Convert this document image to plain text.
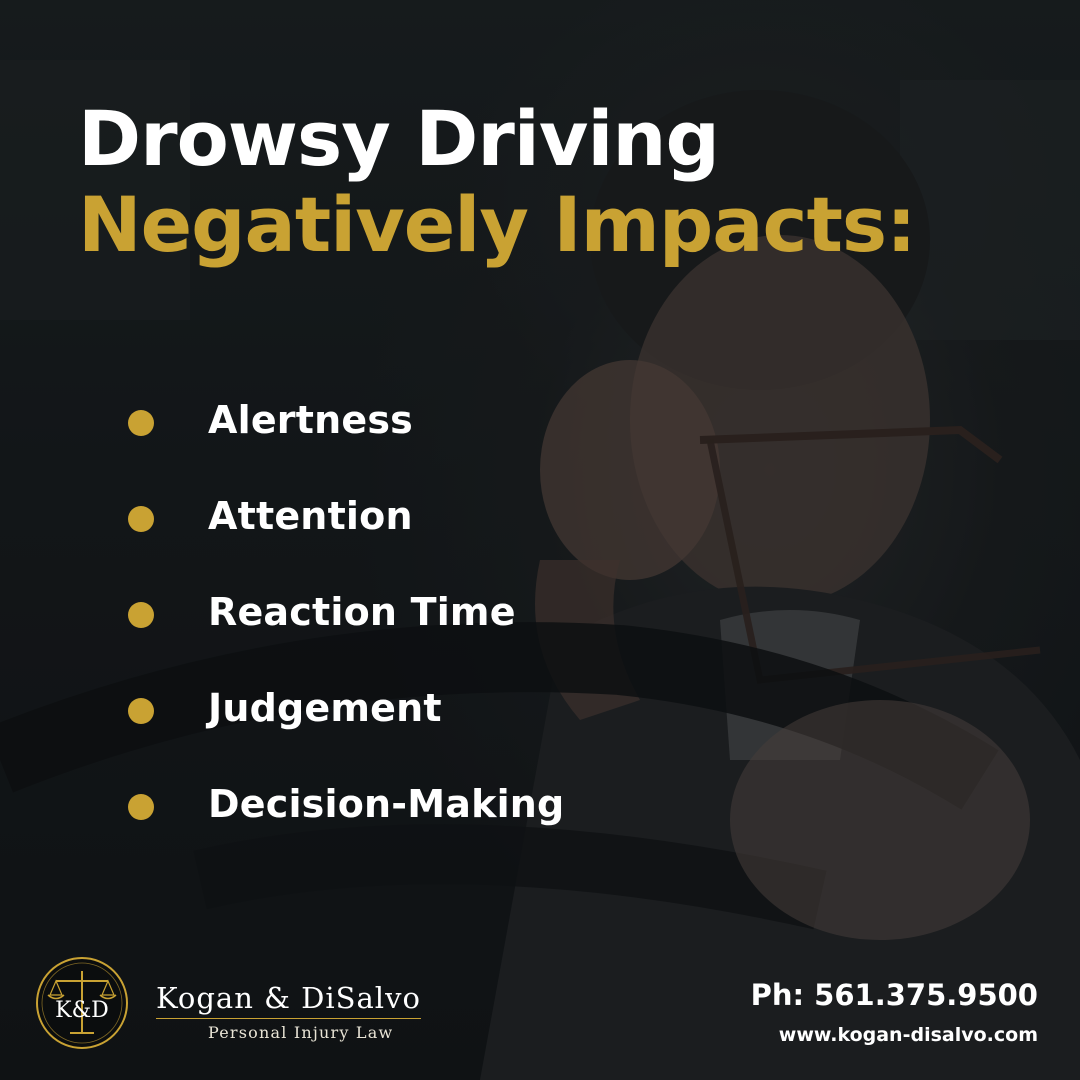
Drowsy Driving
Negatively Impacts:
Alertness
Attention
Reaction Time
Judgement
Decision-Making
K&D Kogan & DiSalvo
Personal Injury Law
Ph: 561.375.9500
www.kogan-disalvo.com
